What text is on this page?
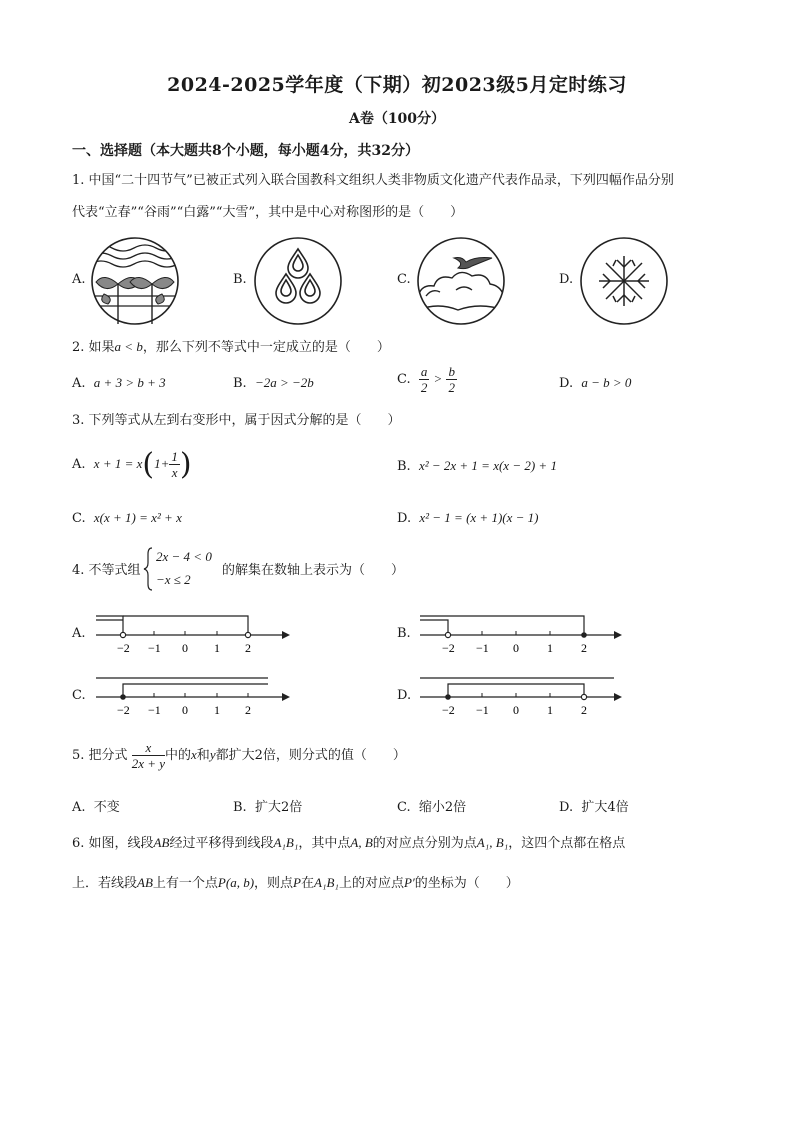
2024-2025学年度（下期）初2023级5月定时练习
A卷（100分）
一、选择题（本大题共8个小题，每小题4分，共32分）
1. 中国“二十四节气”已被正式列入联合国教科文组织人类非物质文化遗产代表作品录，下列四幅作品分别
代表“立春”“谷雨”“白露”“大雪”，其中是中心对称图形的是（　　）
A.	B.	C.	D.
2. 如果a < b，那么下列不等式中一定成立的是（　　）
A. a + 3 > b + 3	B. −2a > −2b	C. $\frac{a}{2} > \frac{b}{2}$	D. a − b > 0
3. 下列等式从左到右变形中，属于因式分解的是（　　）
A. $x + 1 = x(1+ \frac{1}{x}$ )	B. x² − 2x + 1 = x(x − 2) + 1
C. x(x + 1) = x² + x	D. x² − 1 = (x + 1)(x − 1)
4. 不等式组
2x − 4 < 0
−x ≤ 2
的解集在数轴上表示为（　　）
A.	B.
C.	D.
−2 −1 0 1 2	−2 −1 0 1 2
−2 −1 0 1 2	−2 −1 0 1 2
5. 把分式 $\frac{x}{2x + y}$ 中的x和y都扩大2倍，则分式的值（　　）
A. 不变	B. 扩大2倍	C. 缩小2倍	D. 扩大4倍
6. 如图，线段AB经过平移得到线段A₁B₁，其中点A, B的对应点分别为点A₁, B₁，这四个点都在格点
上．若线段AB上有一个点P(a, b)，则点P在A₁B₁上的对应点P′的坐标为（　　）
